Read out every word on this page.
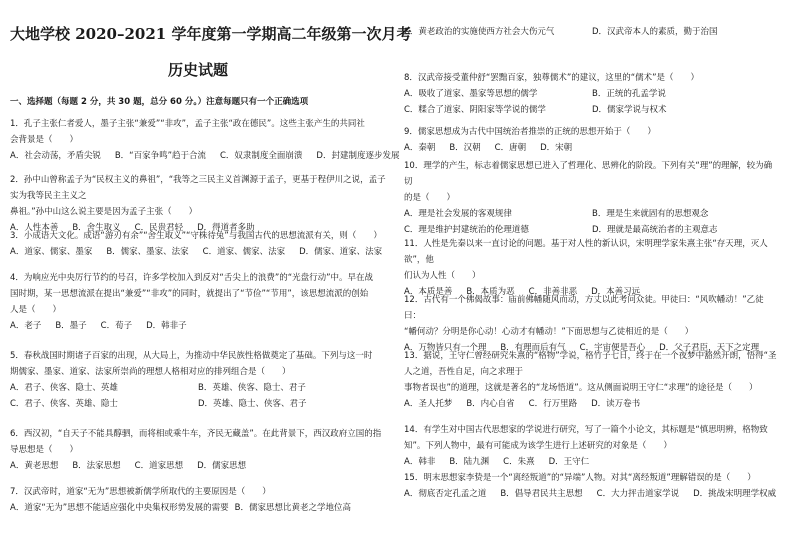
大地学校 2020–2021 学年度第一学期高二年级第一次月考
历史试题
一、选择题（每题 2 分，共 30 题，总分 60 分。）注意每题只有一个正确选项
1．孔子主张仁者爱人，墨子主张“兼爱”“非攻”，孟子主张“政在德民”。这些主张产生的共同社
会背景是（　　）
A．社会动荡，矛盾尖锐 B．“百家争鸣”趋于合流 C．奴隶制度全面崩溃 D．封建制度逐步发展
2．孙中山曾称孟子为“民权主义的鼻祖”，“我等之三民主义首渊源于孟子，更基于程伊川之说，孟子实为我等民主主义之
鼻祖。”孙中山这么说主要是因为孟子主张（　　）
A．人性本善 B．舍生取义 C．民贵君轻 D．得道者多助
3．小成语大文化。成语“游刃有余”“舍生取义”“守株待兔”与我国古代的思想流派有关，则（　　）
A．道家、儒家、墨家 B．儒家、墨家、法家 C．道家、儒家、法家 D．儒家、道家、法家
4．为响应光中央厉行节约的号召，许多学校加入到反对“舌尖上的浪费”的“光盘行动”中。早在战
国时期，某一思想流派在提出“兼爱”“非攻”的同时，就提出了“节俭”“节用”，该思想流派的创始
人是（　　）
A．老子 B．墨子 C．荀子 D．韩非子
5．春秋战国时期诸子百家的出现，从大局上，为推动中华民族性格做奠定了基础。下列与这一时
期儒家、墨家、道家、法家所崇尚的理想人格相对应的排列组合是（　　）
A．君子、侠客、隐士、英雄	B．英雄、侠客、隐士、君子
C．君子、侠客、英雄、隐士	D．英雄、隐士、侠客、君子
6．西汉初，“自天子不能具醇驷，而将相或乘牛车，齐民无藏盖”。在此背景下，西汉政府立国的指
导思想是（　　）
A．黄老思想 B．法家思想 C．道家思想 D．儒家思想
7．汉武帝时，道家“无为”思想被新儒学所取代的主要原因是（　　）
A．道家“无为”思想不能适应强化中央集权形势发展的需要 B．儒家思想比黄老之学地位高
C．黄老政治的实施使西方社会大伤元气	D．汉武帝本人的素质，勤于治国
8．汉武帝接受董仲舒“罢黜百家，独尊儒术”的建议，这里的“儒术”是（　　）
A．吸收了道家、墨家等思想的儒学	B．正统的孔孟学说
C．糅合了道家、阴阳家等学说的儒学	D．儒家学说与权术
9．儒家思想成为古代中国统治者推崇的正统的思想开始于（　　）
A．秦朝 B．汉朝 C．唐朝 D．宋朝
10．理学的产生，标志着儒家思想已进入了哲理化、思辨化的阶段。下列有关“理”的理解，较为确切
的是（　　）
A．理是社会发展的客观规律	B．理是生来就固有的思想观念
C．理是维护封建统治的伦理道德	D．理就是最高统治者的主观意志
11．人性是先秦以来一直讨论的问题。基于对人性的新认识，宋明理学家朱熹主张“存天理，灭人欲”，他
们认为人性（　　）
A．本质是善 B．本质为恶 C．非善非恶 D．本善习远
12．古代有一个佛偈故事：庙前佛幡随风而动，方丈以此考问众徒。甲徒曰：“风吹幡动！”乙徒曰：
“幡何动？分明是你心动！心动才有幡动！”下面思想与乙徒相近的是（　　）
A．万物皆只有一个理 B．有理而后有气 C．宇宙便是吾心 D．父子君臣，天下之定理
13．据说，王守仁曾经研究朱熹的“格物”学说，格竹子七日，终于在一个夜梦中豁然开朗，悟得“圣人之道，吾性自足，向之求理于
事物者误也”的道理，这就是著名的“龙场悟道”。这从侧面说明王守仁“求理”的途径是（　　）
A．圣人托梦 B．内心自省 C．行万里路 D．读万卷书
14．有学生对中国古代思想家的学说进行研究，写了一篇个小论文，其标题是“慎思明辨，格物致
知”。下列人物中，最有可能成为该学生进行上述研究的对象是（　　）
A．韩非 B．陆九渊 C．朱熹 D．王守仁
15．明末思想家李贽是一个“离经叛道”的“异端”人物。对其“离经叛道”理解错误的是（　　）
A．彻底否定孔孟之道 B．倡导君民共主思想 C．大力抨击道家学说 D．挑战宋明理学权威
